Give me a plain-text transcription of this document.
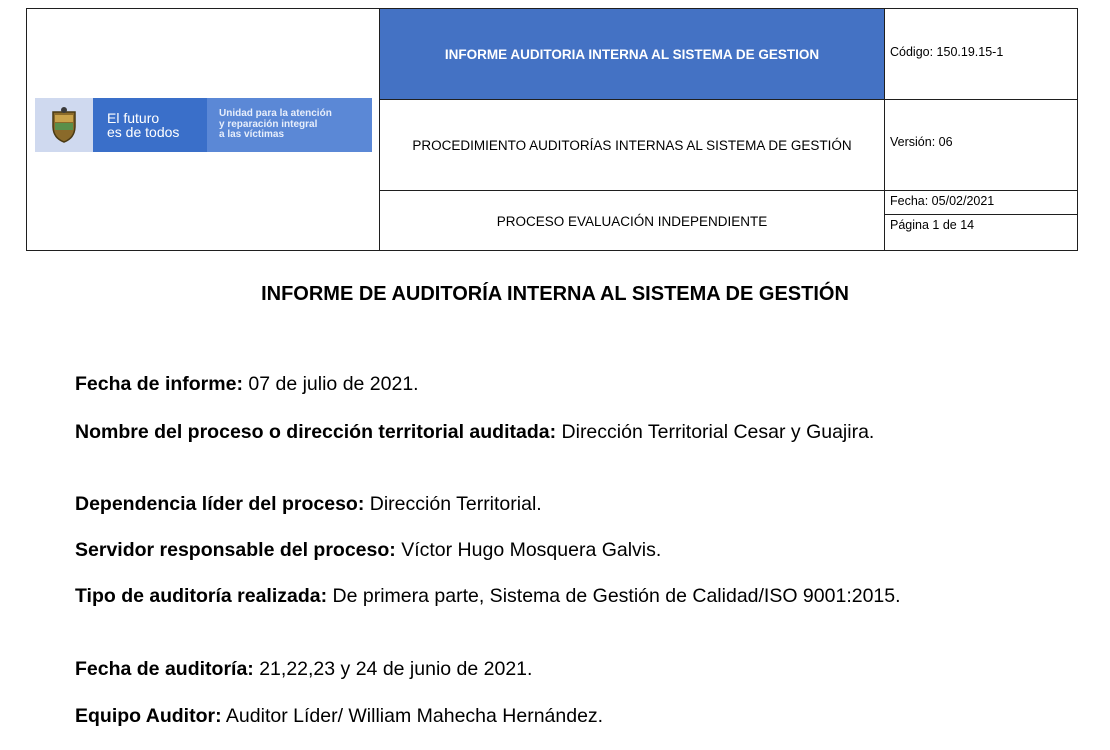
El futuro
es de todos
Unidad para la atención
y reparación integral
a las víctimas
INFORME AUDITORIA INTERNA AL SISTEMA DE GESTION
PROCEDIMIENTO AUDITORÍAS INTERNAS AL SISTEMA DE GESTIÓN
PROCESO EVALUACIÓN INDEPENDIENTE
Código: 150.19.15-1
Versión: 06
Fecha: 05/02/2021
Página 1 de 14
INFORME DE AUDITORÍA INTERNA AL SISTEMA DE GESTIÓN
Fecha de informe: 07 de julio de 2021.
Nombre del proceso o dirección territorial auditada: Dirección Territorial Cesar y Guajira.
Dependencia líder del proceso: Dirección Territorial.
Servidor responsable del proceso: Víctor Hugo Mosquera Galvis.
Tipo de auditoría realizada: De primera parte, Sistema de Gestión de Calidad/ISO 9001:2015.
Fecha de auditoría: 21,22,23 y 24 de junio de 2021.
Equipo Auditor: Auditor Líder/ William Mahecha Hernández.
